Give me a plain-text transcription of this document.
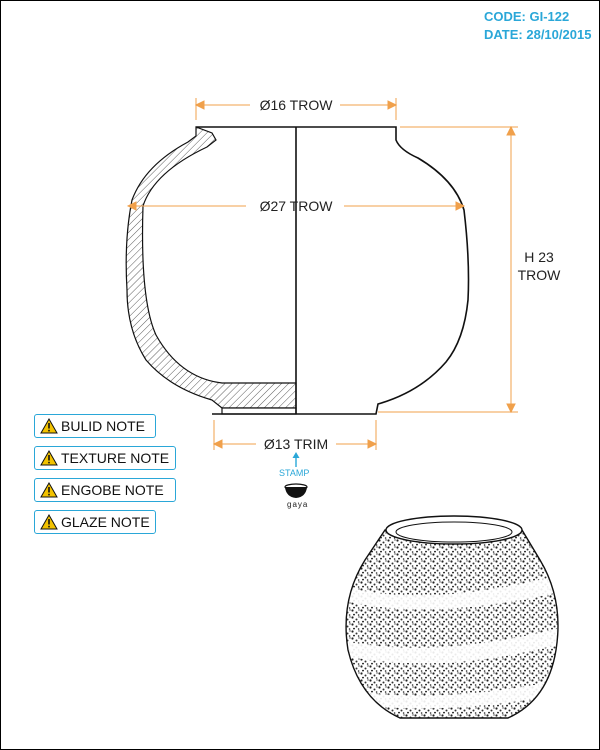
CODE: GI-122
DATE: 28/10/2015
Ø16 TROW
Ø27 TROW
H 23
TROW
Ø13 TRIM
BULID NOTE
TEXTURE NOTE
ENGOBE NOTE
GLAZE NOTE
STAMP
gaya
